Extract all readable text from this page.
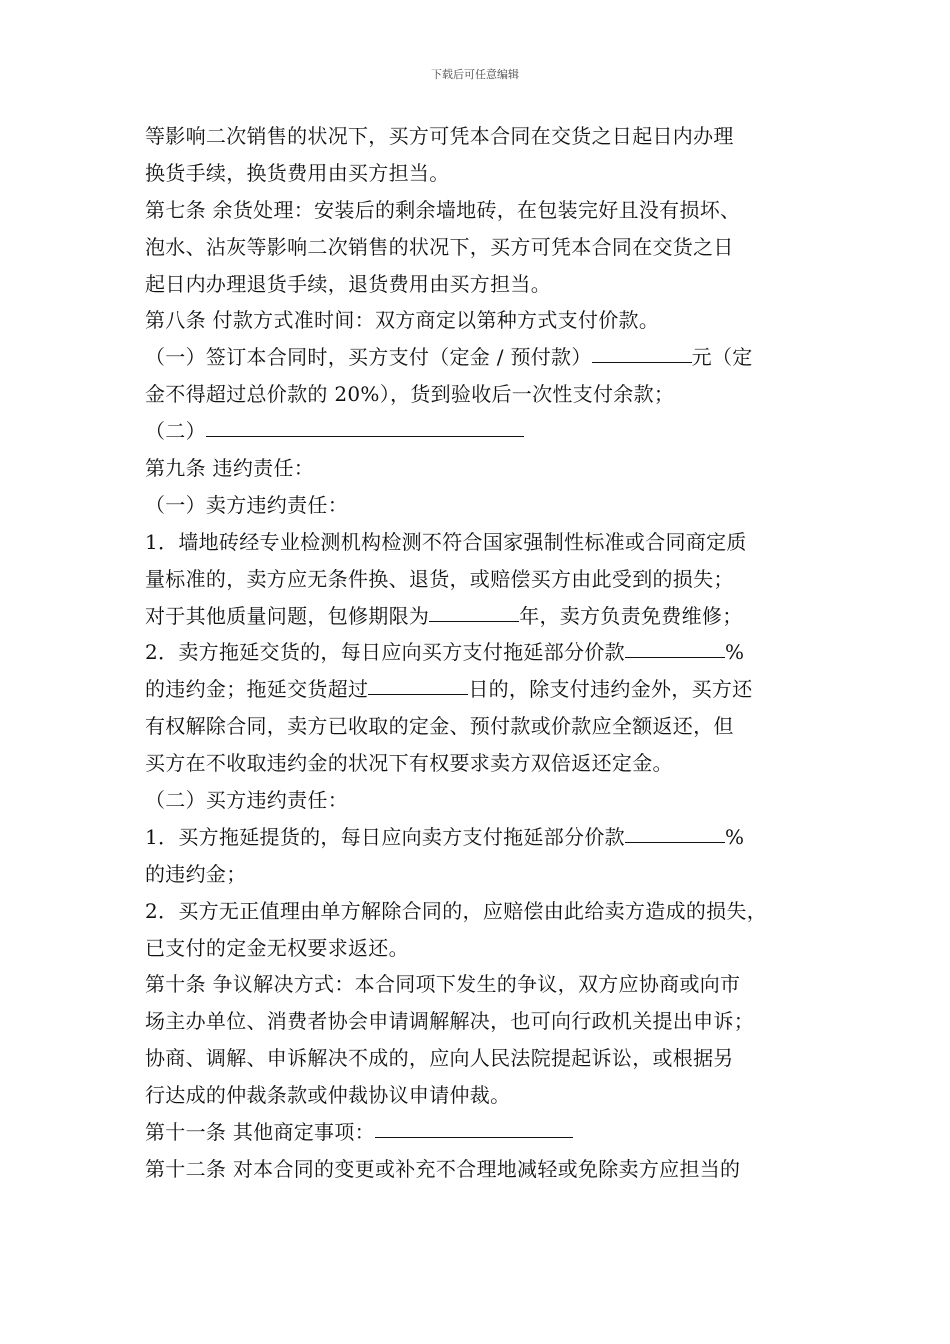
下载后可任意编辑
等影响二次销售的状况下，买方可凭本合同在交货之日起日内办理
换货手续，换货费用由买方担当。
第七条 余货处理：安装后的剩余墙地砖，在包装完好且没有损坏、
泡水、沾灰等影响二次销售的状况下，买方可凭本合同在交货之日
起日内办理退货手续，退货费用由买方担当。
第八条 付款方式准时间：双方商定以第种方式支付价款。
（一）签订本合同时，买方支付（定金 / 预付款）	元（定
金不得超过总价款的 20%），货到验收后一次性支付余款；
（二）
第九条 违约责任：
（一）卖方违约责任：
1．墙地砖经专业检测机构检测不符合国家强制性标准或合同商定质
量标准的，卖方应无条件换、退货，或赔偿买方由此受到的损失；
对于其他质量问题，包修期限为	年，卖方负责免费维修；
2．卖方拖延交货的，每日应向买方支付拖延部分价款	%
的违约金；拖延交货超过	日的，除支付违约金外，买方还
有权解除合同，卖方已收取的定金、预付款或价款应全额返还，但
买方在不收取违约金的状况下有权要求卖方双倍返还定金。
（二）买方违约责任：
1．买方拖延提货的，每日应向卖方支付拖延部分价款	%
的违约金；
2．买方无正值理由单方解除合同的，应赔偿由此给卖方造成的损失，
已支付的定金无权要求返还。
第十条 争议解决方式：本合同项下发生的争议，双方应协商或向市
场主办单位、消费者协会申请调解解决，也可向行政机关提出申诉；
协商、调解、申诉解决不成的，应向人民法院提起诉讼，或根据另
行达成的仲裁条款或仲裁协议申请仲裁。
第十一条 其他商定事项：
第十二条 对本合同的变更或补充不合理地减轻或免除卖方应担当的
